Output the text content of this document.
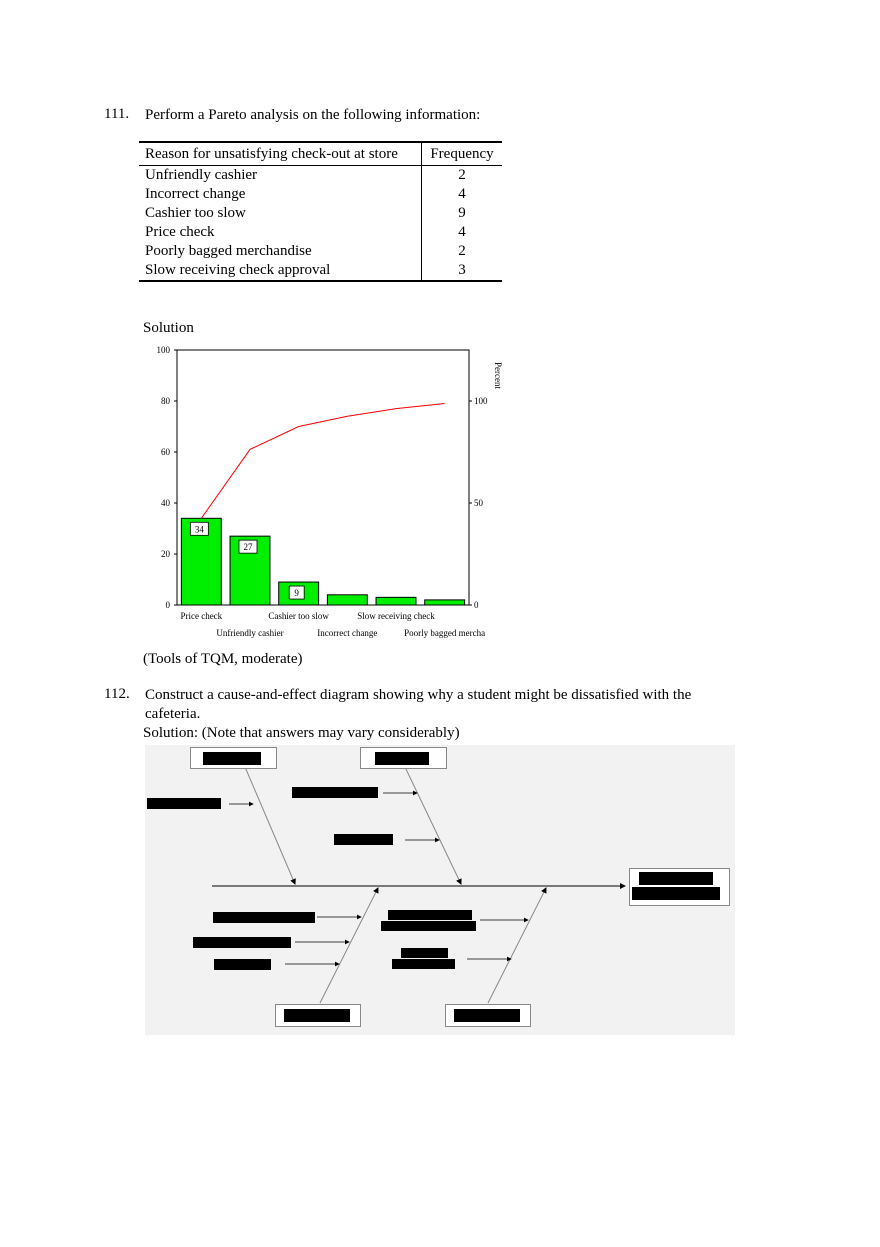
111. Perform a Pareto analysis on the following information:
Reason for unsatisfying check-out at store	Frequency
Unfriendly cashier	2
Incorrect change	4
Cashier too slow	9
Price check	4
Poorly bagged merchandise	2
Slow receiving check approval	3
Solution
0
20
40
60
80
100
0
50
100
Price check
Unfriendly cashier
Cashier too slow
Incorrect change
Slow receiving check
Poorly bagged mercha
34
27
9
Percent
(Tools of TQM, moderate)
112. Construct a cause-and-effect diagram showing why a student might be dissatisfied with the
cafeteria.
Solution: (Note that answers may vary considerably)
